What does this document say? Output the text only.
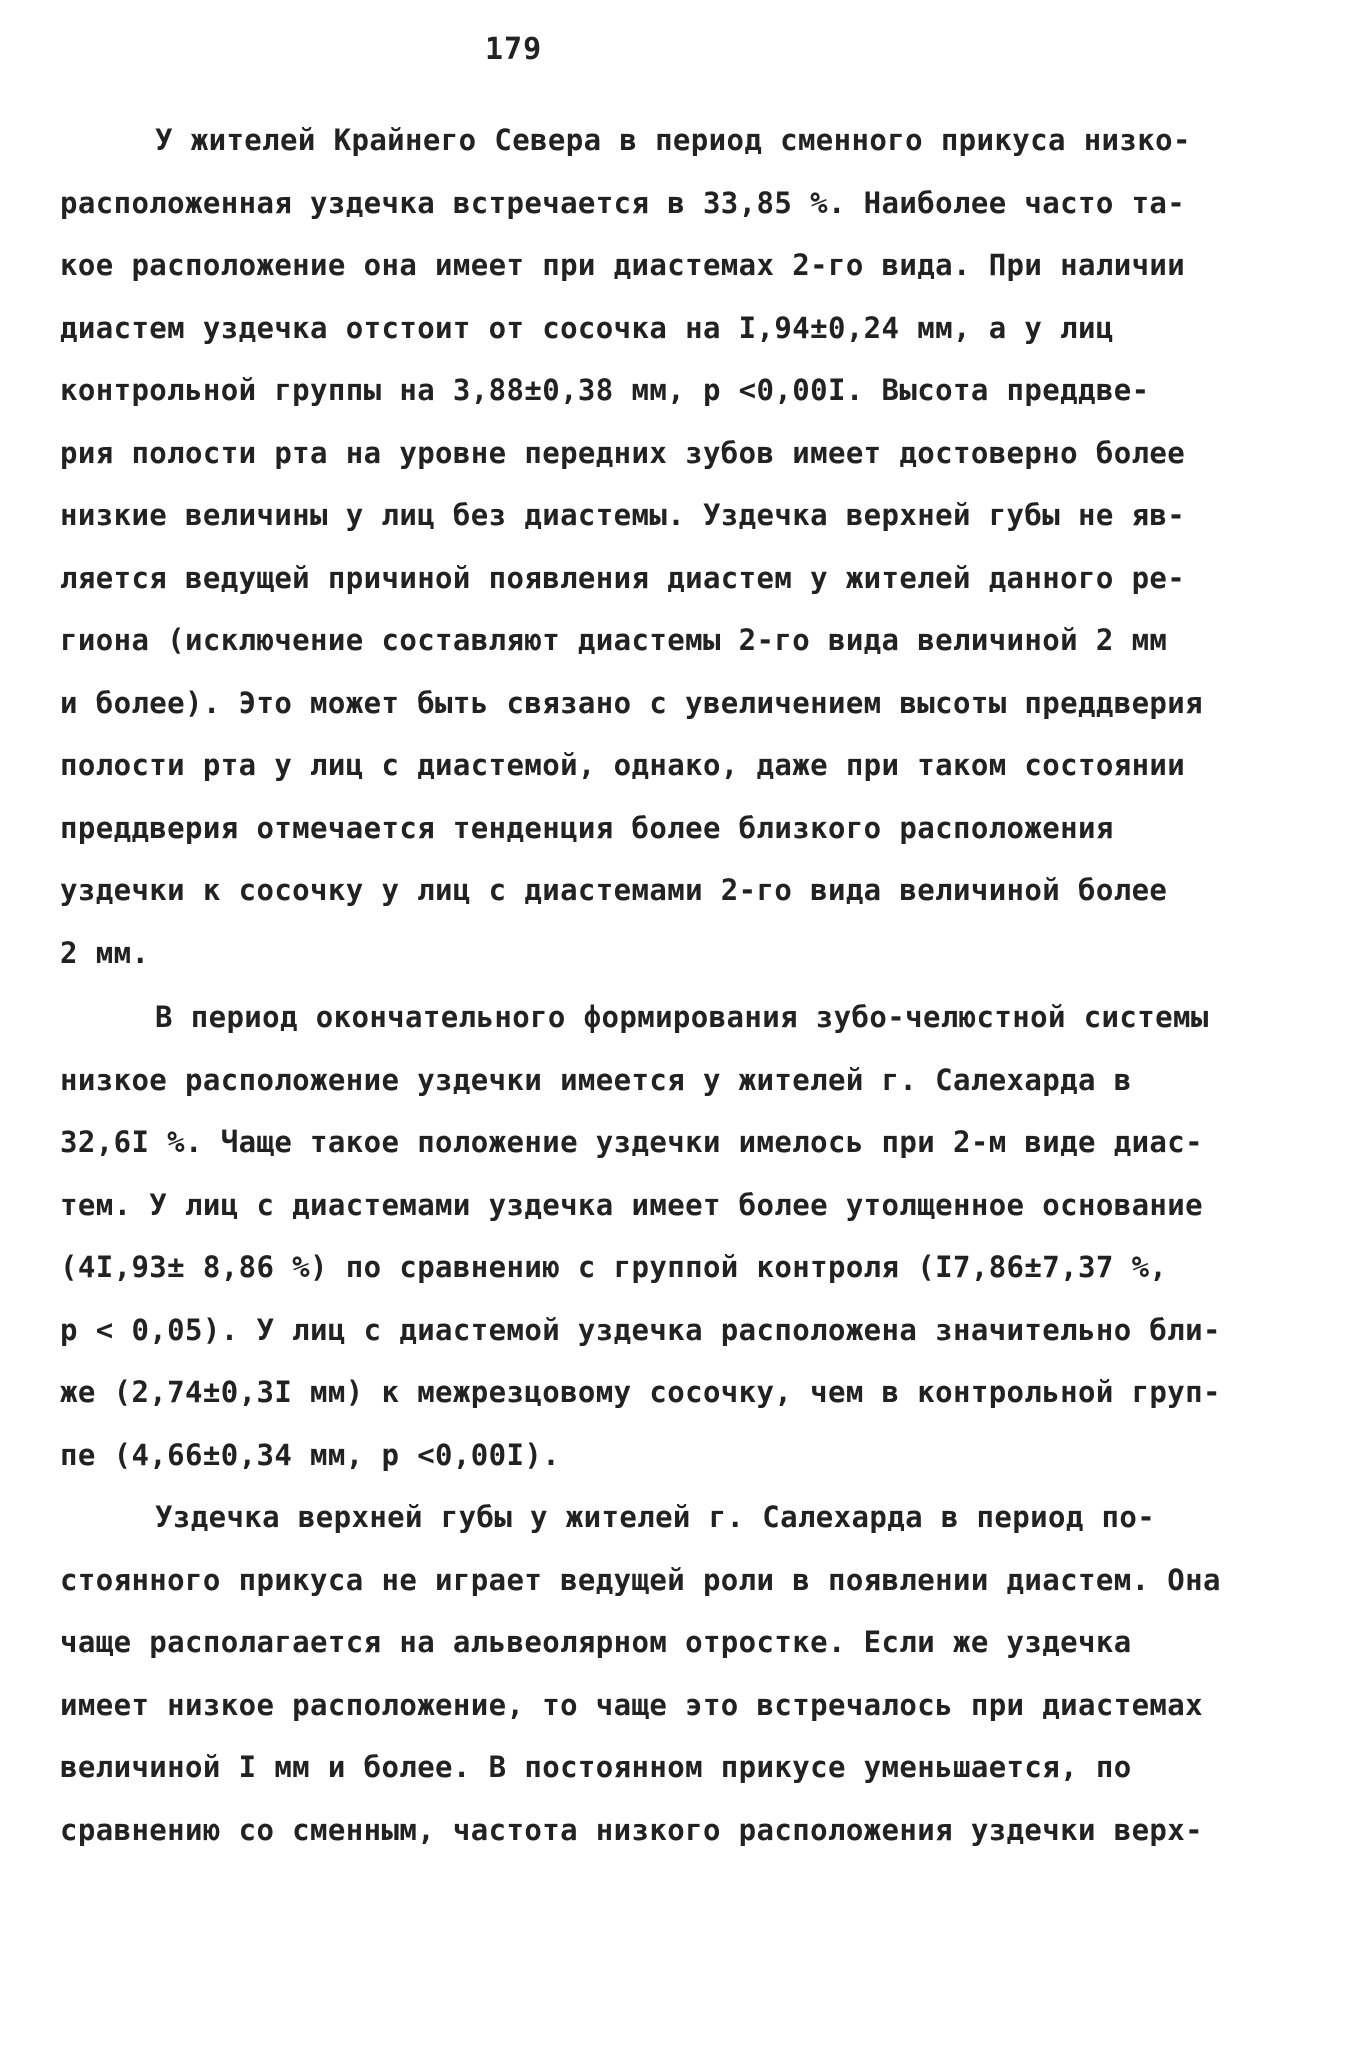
179
У жителей Крайнего Севера в период сменного прикуса низко-
расположенная уздечка встречается в 33,85 %. Наиболее часто та-
кое расположение она имеет при диастемах 2-го вида. При наличии
диастем уздечка отстоит от сосочка на I,94±0,24 мм, а у лиц
контрольной группы на 3,88±0,38 мм, р <0,00I. Высота преддве-
рия полости рта на уровне передних зубов имеет достоверно более
низкие величины у лиц без диастемы. Уздечка верхней губы не яв-
ляется ведущей причиной появления диастем у жителей данного ре-
гиона (исключение составляют диастемы 2-го вида величиной 2 мм
и более). Это может быть связано с увеличением высоты преддверия
полости рта у лиц с диастемой, однако, даже при таком состоянии
преддверия отмечается тенденция более близкого расположения
уздечки к сосочку у лиц с диастемами 2-го вида величиной более
2 мм.
В период окончательного формирования зубо-челюстной системы
низкое расположение уздечки имеется у жителей г. Салехарда в
32,6I %. Чаще такое положение уздечки имелось при 2-м виде диас-
тем. У лиц с диастемами уздечка имеет более утолщенное основание
(4I,93± 8,86 %) по сравнению с группой контроля (I7,86±7,37 %,
р < 0,05). У лиц с диастемой уздечка расположена значительно бли-
же (2,74±0,3I мм) к межрезцовому сосочку, чем в контрольной груп-
пе (4,66±0,34 мм, р <0,00I).
Уздечка верхней губы у жителей г. Салехарда в период по-
стоянного прикуса не играет ведущей роли в появлении диастем. Она
чаще располагается на альвеолярном отростке. Если же уздечка
имеет низкое расположение, то чаще это встречалось при диастемах
величиной I мм и более. В постоянном прикусе уменьшается, по
сравнению со сменным, частота низкого расположения уздечки верх-
